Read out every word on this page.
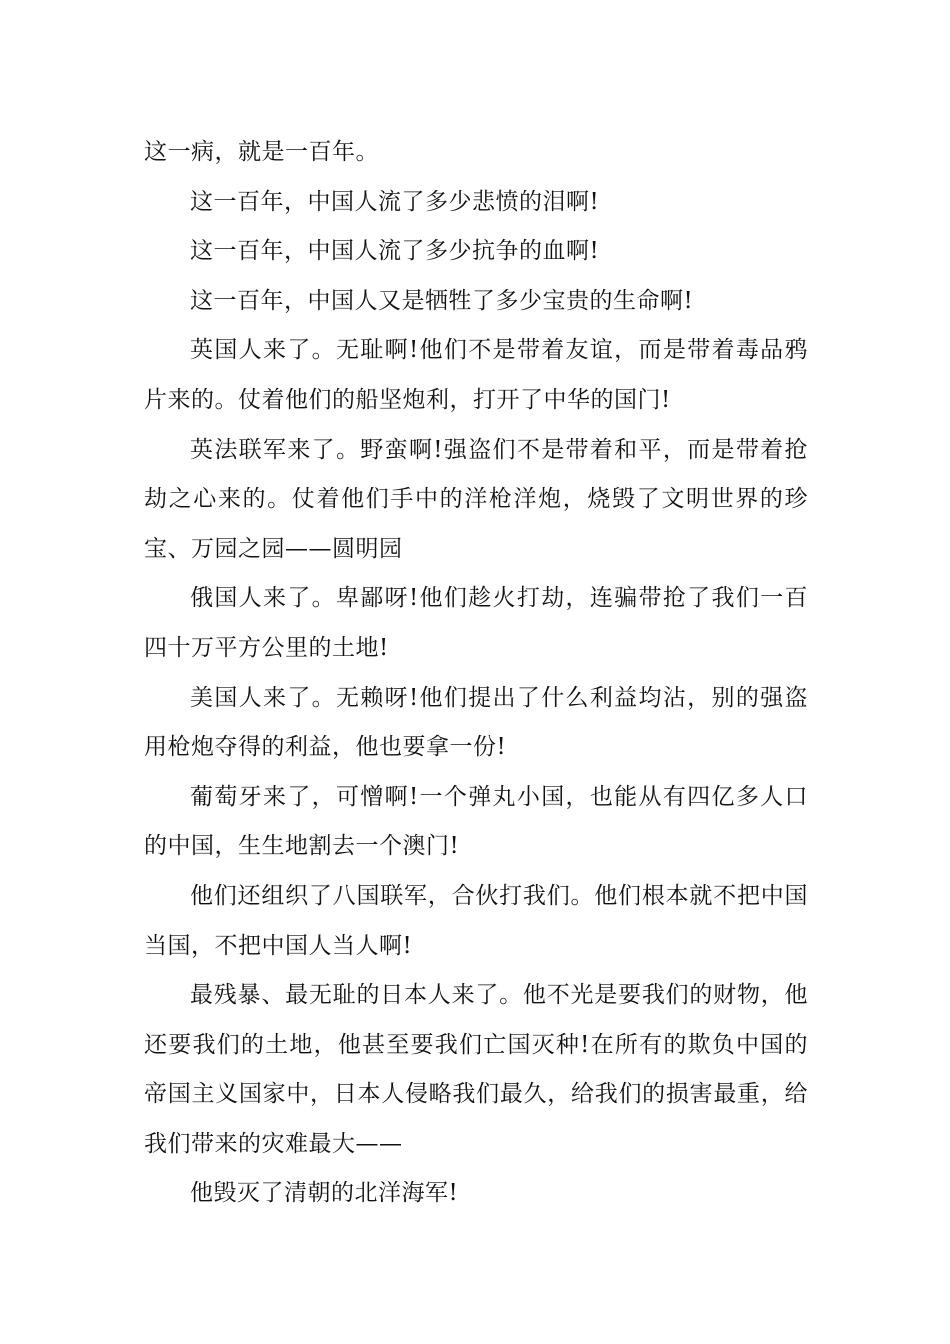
这一病，就是一百年。

这一百年，中国人流了多少悲愤的泪啊!

这一百年，中国人流了多少抗争的血啊!

这一百年，中国人又是牺牲了多少宝贵的生命啊!

英国人来了。无耻啊!他们不是带着友谊，而是带着毒品鸦片来的。仗着他们的船坚炮利，打开了中华的国门!

英法联军来了。野蛮啊!强盗们不是带着和平，而是带着抢劫之心来的。仗着他们手中的洋枪洋炮，烧毁了文明世界的珍宝、万园之园——圆明园

俄国人来了。卑鄙呀!他们趁火打劫，连骗带抢了我们一百四十万平方公里的土地!

美国人来了。无赖呀!他们提出了什么利益均沾，别的强盗用枪炮夺得的利益，他也要拿一份!

葡萄牙来了，可憎啊!一个弹丸小国，也能从有四亿多人口的中国，生生地割去一个澳门!

他们还组织了八国联军，合伙打我们。他们根本就不把中国当国，不把中国人当人啊!

最残暴、最无耻的日本人来了。他不光是要我们的财物，他还要我们的土地，他甚至要我们亡国灭种!在所有的欺负中国的帝国主义国家中，日本人侵略我们最久，给我们的损害最重，给我们带来的灾难最大——

他毁灭了清朝的北洋海军!
